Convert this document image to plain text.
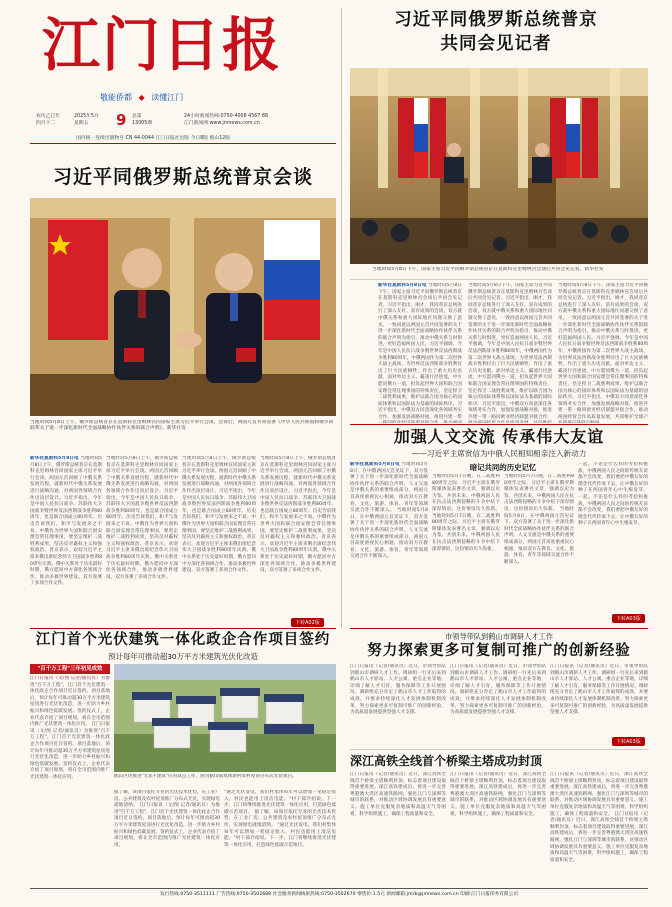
江门日报
敬能侨都 ◆ 读懂江门
农历乙巳年
四月十二
2025年5月
星期五	9 总第
13005期
24小时新闻热线:0750-4008 4567 88
江门新闻网 www.jmnews.com.cn
国内统一连续出版物号 CN 44-0044 江门日报社出版 今日8版 鹤山12版
习近平同俄罗斯总统普京
共同会见记者
当地时间5月8日下午，国家主席习近平同俄罗斯总统普京在莫斯科克里姆林宫会谈后共同会见记者。新华社发
新华社莫斯科5月8日电 当地时间5月8日下午，国家主席习近平同俄罗斯总统普京在莫斯科克里姆林宫会谈后共同会见记者。习近平指出，刚才，我同普京总统进行了深入友好、富有成果的会谈，双方就中俄关系和重大国际地区问题交换了意见，一致同意以两国元首共同签署的关于进一步深化新时代全面战略协作伙伴关系的联合声明为指引，推动中俄关系与时俱进，更好造福两国人民。习近平强调，今年是中国人民抗日战争暨世界反法西斯战争胜利80周年，中俄两国作为第二次世界大战主战场，为世界反法西斯战争胜利付出了巨大民族牺牲，作出了重大历史贡献。面对单边主义、霸凌行径逆流，中方愿同俄方一道，担负起世界大国和联合国安理会常任理事国的特殊责任，坚定捍卫二战胜利成果，维护以联合国为核心的国际体系和以国际法为基础的国际秩序。习近平指出，中俄双方同意深化各领域务实合作，加强发展战略对接，推进共建一带
当地时间5月8日下午，国家主席习近平同俄罗斯总统普京在莫斯科克里姆林宫会谈后共同会见记者。习近平指出，刚才，我同普京总统进行了深入友好、富有成果的会谈，双方就中俄关系和重大国际地区问题交换了意见，一致同意以两国元首共同签署的关于进一步深化新时代全面战略协作伙伴关系的联合声明为指引，推动中俄关系与时俱进，更好造福两国人民。习近平强调，今年是中国人民抗日战争暨世界反法西斯战争胜利80周年，中俄两国作为第二次世界大战主战场，为世界反法西斯战争胜利付出了巨大民族牺牲，作出了重大历史贡献。面对单边主义、霸凌行径逆流，中方愿同俄方一道，担负起世界大国和联合国安理会常任理事国的特殊责任，坚定捍卫二战胜利成果，维护以联合国为核心的国际体系和以国际法为基础的国际秩序。习近平指出，中俄双方同意深化各领域务实合作，加强发展战略对接，推进共建一带一路同欧亚经济联盟对接合作，
当地时间5月8日下午，国家主席习近平同俄罗斯总统普京在莫斯科克里姆林宫会谈后共同会见记者。习近平指出，刚才，我同普京总统进行了深入友好、富有成果的会谈，双方就中俄关系和重大国际地区问题交换了意见，一致同意以两国元首共同签署的关于进一步深化新时代全面战略协作伙伴关系的联合声明为指引，推动中俄关系与时俱进，更好造福两国人民。习近平强调，今年是中国人民抗日战争暨世界反法西斯战争胜利80周年，中俄两国作为第二次世界大战主战场，为世界反法西斯战争胜利付出了巨大民族牺牲，作出了重大历史贡献。面对单边主义、霸凌行径逆流，中方愿同俄方一道，担负起世界大国和联合国安理会常任理事国的特殊责任，坚定捍卫二战胜利成果，维护以联合国为核心的国际体系和以国际法为基础的国际秩序。习近平指出，中俄双方同意深化各领域务实合作，加强发展战略对接，推进共建一带一路同欧亚经济联盟对接合作，推动两国经贸合作高质量发展，共同维护全球产
习近平同俄罗斯总统普京会谈
当地时间5月8日上午，俄罗斯总统普京在莫斯科克里姆林宫同国家主席习近平举行会谈。会谈后，两国元首共同签署《中华人民共和国和俄罗斯联邦关于进一步深化新时代全面战略协作伙伴关系的联合声明》。新华社发
新华社莫斯科5月8日电 当地时间5月8日上午，俄罗斯总统普京在莫斯科克里姆林宫同国家主席习近平举行会谈。两国元首回顾了中俄关系发展历程，就新时代中俄关系发展进行战略沟通，对两国各领域合作作出顶层设计。习近平指出，今年是中国人民抗日战争、苏联伟大卫国战争暨世界反法西斯战争胜利80周年，也是联合国成立80周年。历史告诉我们，和平与发展来之不易。中俄作为世界大国和联合国安理会常任理事国，要坚定维护二战胜利成果，坚决反对霸权主义和强权政治。普京表示，欢迎习近平主席来俄出席纪念伟大卫国战争胜利80周年庆典。俄中关系处于历史最好时期，俄方愿同中方深化各领域合作，推动多极世界建设。双方签署了多项合作文件。
当地时间5月8日上午，俄罗斯总统普京在莫斯科克里姆林宫同国家主席习近平举行会谈。两国元首回顾了中俄关系发展历程，就新时代中俄关系发展进行战略沟通，对两国各领域合作作出顶层设计。习近平指出，今年是中国人民抗日战争、苏联伟大卫国战争暨世界反法西斯战争胜利80周年，也是联合国成立80周年。历史告诉我们，和平与发展来之不易。中俄作为世界大国和联合国安理会常任理事国，要坚定维护二战胜利成果，坚决反对霸权主义和强权政治。普京表示，欢迎习近平主席来俄出席纪念伟大卫国战争胜利80周年庆典。俄中关系处于历史最好时期，俄方愿同中方深化各领域合作，推动多极世界建设。双方签署了多项合作文件。
当地时间5月8日上午，俄罗斯总统普京在莫斯科克里姆林宫同国家主席习近平举行会谈。两国元首回顾了中俄关系发展历程，就新时代中俄关系发展进行战略沟通，对两国各领域合作作出顶层设计。习近平指出，今年是中国人民抗日战争、苏联伟大卫国战争暨世界反法西斯战争胜利80周年，也是联合国成立80周年。历史告诉我们，和平与发展来之不易。中俄作为世界大国和联合国安理会常任理事国，要坚定维护二战胜利成果，坚决反对霸权主义和强权政治。普京表示，欢迎习近平主席来俄出席纪念伟大卫国战争胜利80周年庆典。俄中关系处于历史最好时期，俄方愿同中方深化各领域合作，推动多极世界建设。双方签署了多项合作文件。
当地时间5月8日上午，俄罗斯总统普京在莫斯科克里姆林宫同国家主席习近平举行会谈。两国元首回顾了中俄关系发展历程，就新时代中俄关系发展进行战略沟通，对两国各领域合作作出顶层设计。习近平指出，今年是中国人民抗日战争、苏联伟大卫国战争暨世界反法西斯战争胜利80周年，也是联合国成立80周年。历史告诉我们，和平与发展来之不易。中俄作为世界大国和联合国安理会常任理事国，要坚定维护二战胜利成果，坚决反对霸权主义和强权政治。普京表示，欢迎习近平主席来俄出席纪念伟大卫国战争胜利80周年庆典。俄中关系处于历史最好时期，俄方愿同中方深化各领域合作，推动多极世界建设。双方签署了多项合作文件。
下转A02版
加强人文交流 传承伟大友谊
——习近平主席赏信为中俄人民相知相亲注入新动力
新华社莫斯科5月8日电 当地时间5月8日，在中俄两国元首见证下，双方签署了关于进一步深化新时代全面战略协作伙伴关系的联合声明。人文交流是中俄关系的重要组成部分，两国元首高度重视民心相通，推动双方在教育、文化、旅游、体育、青年等领域交流合作不断深入。 当地时间5月8日，在中俄两国元首见证下，双方签署了关于进一步深化新时代全面战略协作伙伴关系的联合声明。人文交流是中俄关系的重要组成部分，两国元首高度重视民心相通，推动双方在教育、文化、旅游、体育、青年等领域交流合作不断深入。
暗记共同的历史记忆
当地时间5月7日晚，在二战胜利80周年之际，习近平主席在俄罗斯媒体发表署名文章，强调以史为鉴、共创未来。中俄两国人民在抗击法西斯侵略的斗争中结下深厚情谊，这份情谊历久弥新。 当地时间5月7日晚，在二战胜利80周年之际，习近平主席在俄罗斯媒体发表署名文章，强调以史为鉴、共创未来。中俄两国人民在抗击法西斯侵略的斗争中结下深厚情谊，这份情谊历久弥新。
当地时间5月7日晚，在二战胜利80周年之际，习近平主席在俄罗斯媒体发表署名文章，强调以史为鉴、共创未来。中俄两国人民在抗击法西斯侵略的斗争中结下深厚情谊，这份情谊历久弥新。 当地时间5月8日，在中俄两国元首见证下，双方签署了关于进一步深化新时代全面战略协作伙伴关系的联合声明。人文交流是中俄关系的重要组成部分，两国元首高度重视民心相通，推动双方在教育、文化、旅游、体育、青年等领域交流合作不断深入。
一起。不论是什么样的考验和挑战，中俄两国人民之间的传统友谊都不会改变。我们要把中俄友好的理念代代传承下去，让中俄友好的种子在两国青年心中生根发芽。 一起。不论是什么样的考验和挑战，中俄两国人民之间的传统友谊都不会改变。我们要把中俄友好的理念代代传承下去，让中俄友好的种子在两国青年心中生根发芽。
下转A03版
江门首个光伏建筑一体化政企合作项目签约
预计每年可推动超30万平方米建筑光伏化改造
"百千万工程"三年初见成效
江门日报讯（文/图 记者/通讯员）为推进"百千万工程"，江门首个光伏建筑一体化政企合作项目近日签约。项目落地后，预计每年可推动超30万平方米建筑屋顶进行光伏化改造，进一步助力乡村振兴和绿色低碳发展。签约仪式上，企业代表介绍了项目规划，将在全市范围内推广光伏建筑一体化应用。 江门日报讯（文/图 记者/通讯员）为推进"百千万工程"，江门首个光伏建筑一体化政企合作项目近日签约。项目落地后，预计每年可推动超30万平方米建筑屋顶进行光伏化改造，进一步助力乡村振兴和绿色低碳发展。签约仪式上，企业代表介绍了项目规划，将在全市范围内推广光伏建筑一体化应用。	鹤山区块推进"光伏+建筑"应用试点工作，图为鹤山镇集体新村农村屋顶分布式光伏项目。
据了解，该项目依托专业的光伏技术优势，在工业厂房、公共建筑及农村屋顶推广分布式光伏，实现绿电就地消纳。 江门日报讯（文/图 记者/通讯员）为推进"百千万工程"，江门首个光伏建筑一体化政企合作项目近日签约。项目落地后，预计每年可推动超30万平方米建筑屋顶进行光伏化改造，进一步助力乡村振兴和绿色低碳发展。签约仪式上，企业代表介绍了项目规划，将在全市范围内推广光伏建筑一体化应用。
"通过光伏发电，我们村集体每年可以增加一笔稳定收入，村民也能用上清洁电能。"村干部介绍说。下一步，江门将继续推进光伏建筑一体化应用，打造绿色低碳示范项目。 据了解，该项目依托专业的光伏技术优势，在工业厂房、公共建筑及农村屋顶推广分布式光伏，实现绿电就地消纳。 "通过光伏发电，我们村集体每年可以增加一笔稳定收入，村民也能用上清洁电能。"村干部介绍说。下一步，江门将继续推进光伏建筑一体化应用，打造绿色低碳示范项目。
市领导带队到鹤山市调研人才工作
努力探索更多可复制可推广的创新经验
江门日报讯（记者/通讯员）近日，市领导带队到鹤山市调研人才工作。调研组一行先后来到鹤山市人才驿站、人才公寓、重点企业等地，详细了解人才引育、服务保障等工作开展情况。调研组充分肯定了鹤山市人才工作取得的成效，并要求持续深化人才发展体制机制改革，努力探索更多可复制可推广的创新经验，为高质量发展提供坚强人才支撑。
江门日报讯（记者/通讯员）近日，市领导带队到鹤山市调研人才工作。调研组一行先后来到鹤山市人才驿站、人才公寓、重点企业等地，详细了解人才引育、服务保障等工作开展情况。调研组充分肯定了鹤山市人才工作取得的成效，并要求持续深化人才发展体制机制改革，努力探索更多可复制可推广的创新经验，为高质量发展提供坚强人才支撑。
江门日报讯（记者/通讯员）近日，市领导带队到鹤山市调研人才工作。调研组一行先后来到鹤山市人才驿站、人才公寓、重点企业等地，详细了解人才引育、服务保障等工作开展情况。调研组充分肯定了鹤山市人才工作取得的成效，并要求持续深化人才发展体制机制改革，努力探索更多可复制可推广的创新经验，为高质量发展提供坚强人才支撑。
下转A03版
深江高铁全线首个桥梁主塔成功封顶
江门日报讯（记者/通讯员）近日，深江高铁全线首个桥梁主塔顺利封顶，标志着项目建设取得重要进展。深江高铁建成后，将进一步完善粤港澳大湾区高速铁路网，强化江门与深圳等城市的联系，对推动区域协调发展具有重要意义。施工单位克服复杂地质和高温天气等困难，科学组织施工，确保工程质量和安全。
江门日报讯（记者/通讯员）近日，深江高铁全线首个桥梁主塔顺利封顶，标志着项目建设取得重要进展。深江高铁建成后，将进一步完善粤港澳大湾区高速铁路网，强化江门与深圳等城市的联系，对推动区域协调发展具有重要意义。施工单位克服复杂地质和高温天气等困难，科学组织施工，确保工程质量和安全。
江门日报讯（记者/通讯员）近日，深江高铁全线首个桥梁主塔顺利封顶，标志着项目建设取得重要进展。深江高铁建成后，将进一步完善粤港澳大湾区高速铁路网，强化江门与深圳等城市的联系，对推动区域协调发展具有重要意义。施工单位克服复杂地质和高温天气等困难，科学组织施工，确保工程质量和安全。 江门日报讯（记者/通讯员）近日，深江高铁全线首个桥梁主塔顺利封顶，标志着项目建设取得重要进展。深江高铁建成后，将进一步完善粤港澳大湾区高速铁路网，强化江门与深圳等城市的联系，对推动区域协调发展具有重要意义。施工单位克服复杂地质和高温天气等困难，科学组织施工，确保工程质量和安全。
发行热线:0750-3511111 广告热线:0750-3502688 社会服务新闻线索热线:0750-3502670 零售价:1.5元 新闻邮箱:jmrb@jmnews.com.cn 印刷:江门日报印务有限公司
